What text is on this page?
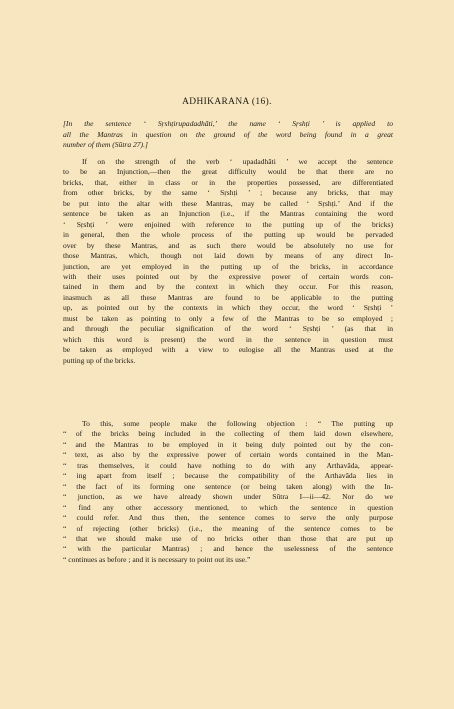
ADHIKARANA (16).
[In the sentence ‘ Sṛshṭirupadadhāti,’ the name ‘ Sṛshṭi ’ is applied to
all the Mantras in question on the ground of the word being found in a great
number of them (Sūtra 27).]
If on the strength of the verb ‘ upadadhāti ’ we accept the sentence
to be an Injunction,—then the great difficulty would be that there are no
bricks, that, either in class or in the properties possessed, are differentiated
from other bricks, by the same ‘ Sṛshṭi ’ ; because any bricks, that may
be put into the altar with these Mantras, may be called ‘ Sṛshṭi.’ And if the
sentence be taken as an Injunction (i.e., if the Mantras containing the word
‘ Sṛshṭi ’ were enjoined with reference to the putting up of the bricks)
in general, then the whole process of the putting up would be pervaded
over by these Mantras, and as such there would be absolutely no use for
those Mantras, which, though not laid down by means of any direct In-
junction, are yet employed in the putting up of the bricks, in accordance
with their uses pointed out by the expressive power of certain words con-
tained in them and by the context in which they occur. For this reason,
inasmuch as all these Mantras are found to be applicable to the putting
up, as pointed out by the contexts in which they occur, the word ‘ Sṛshṭi ’
must be taken as pointing to only a few of the Mantras to be so employed ;
and through the peculiar signification of the word ‘ Sṛshṭi ’ (as that in
which this word is present) the word in the sentence in question must
be taken as employed with a view to eulogise all the Mantras used at the
putting up of the bricks.
To this, some people make the following objection : “ The putting up
“ of the bricks being included in the collecting of them laid down elsewhere,
“ and the Mantras to be employed in it being duly pointed out by the con-
“ text, as also by the expressive power of certain words contained in the Man-
“ tras themselves, it could have nothing to do with any Arthavāda, appear-
“ ing apart from itself ; because the compatibility of the Arthavāda lies in
“ the fact of its forming one sentence (or being taken along) with the In-
“ junction, as we have already shown under Sūtra I—ii—42. Nor do we
“ find any other accessory mentioned, to which the sentence in question
“ could refer. And thus then, the sentence comes to serve the only purpose
“ of rejecting (other bricks) (i.e., the meaning of the sentence comes to be
“ that we should make use of no bricks other than those that are put up
“ with the particular Mantras) ; and hence the uselessness of the sentence
“ continues as before ; and it is necessary to point out its use.”
